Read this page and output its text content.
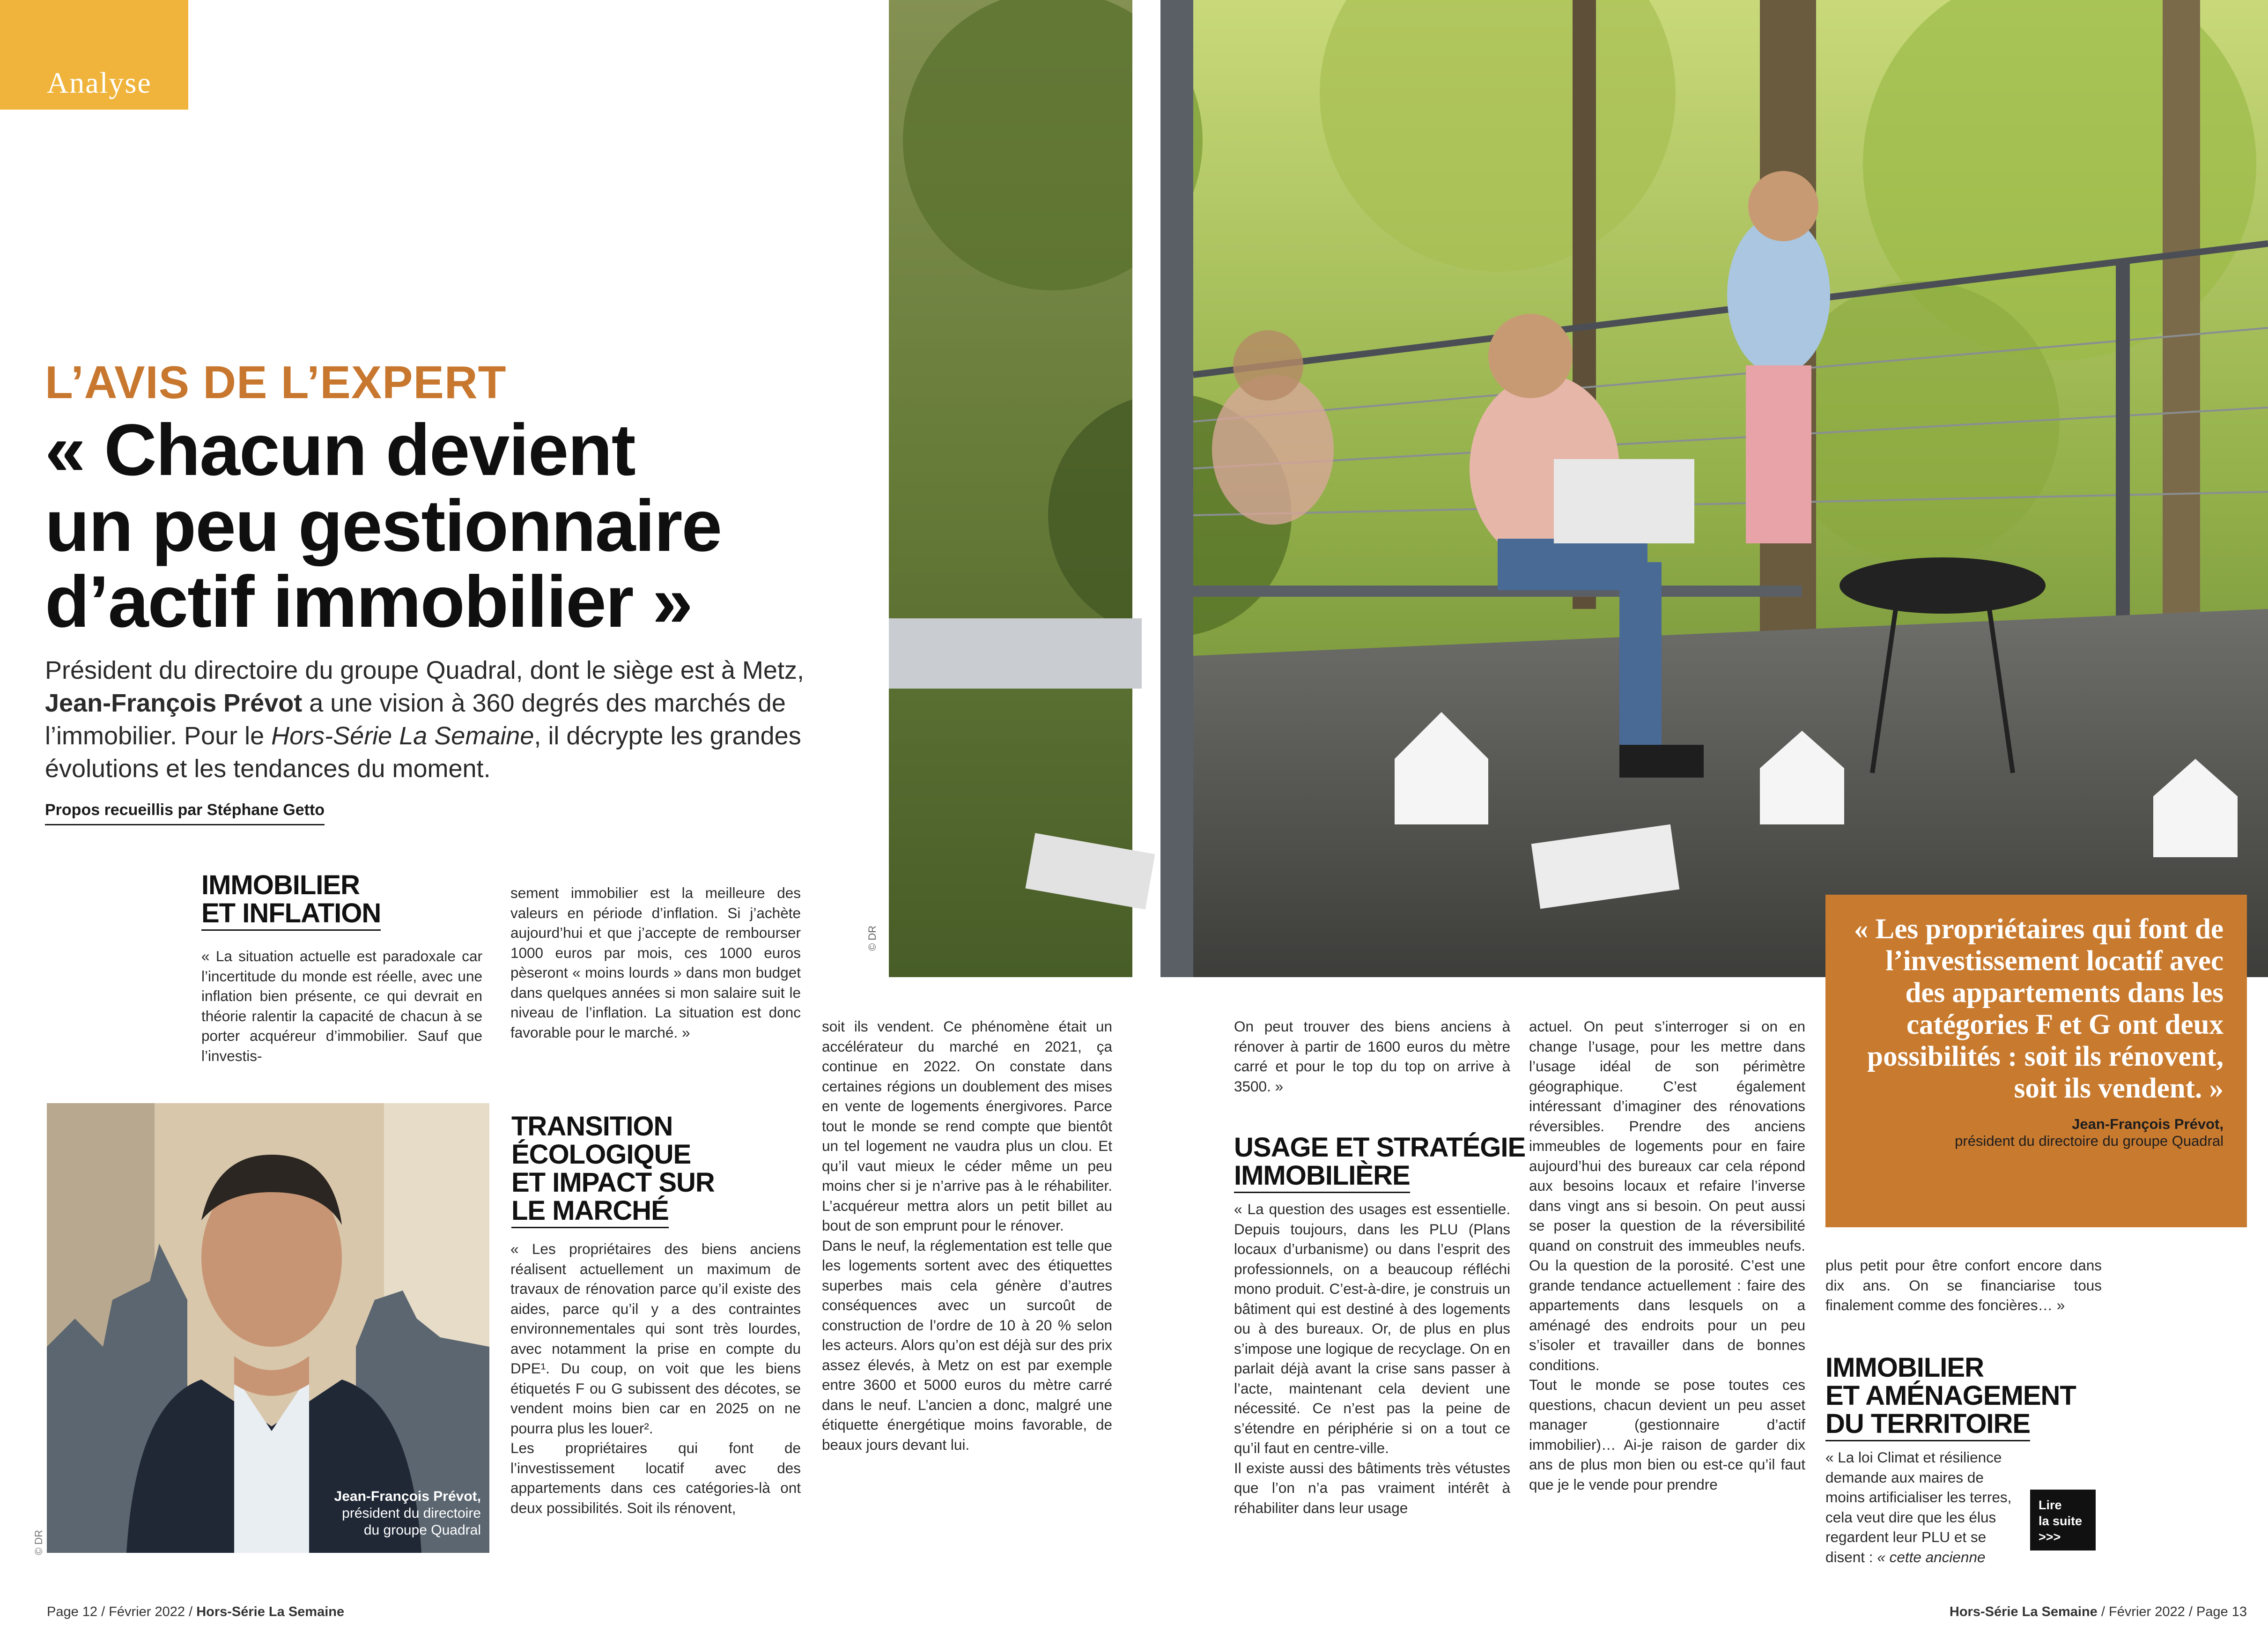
Analyse
L’AVIS DE L’EXPERT
« Chacun devient
un peu gestionnaire
d’actif immobilier »
Président du directoire du groupe Quadral, dont le siège est à Metz, Jean-François Prévot a une vision à 360 degrés des marchés de l’immobilier. Pour le Hors-Série La Semaine, il décrypte les grandes évolutions et les tendances du moment.
Propos recueillis par Stéphane Getto
© DR	« Les propriétaires qui font de l’investissement locatif avec des appartements dans les catégories F et G ont deux possibilités : soit ils rénovent, soit ils vendent. »
Jean-François Prévot,
président du directoire du groupe Quadral
IMMOBILIER
ET INFLATION

« La situation actuelle est paradoxale car l’incertitude du monde est réelle, avec une inflation bien présente, ce qui devrait en théorie ralentir la capacité de chacun à se porter acquéreur d’immobilier. Sauf que l’investis-

Jean-François Prévot,
président du directoire
du groupe Quadral
© DR

sement immobilier est la meilleure des valeurs en période d’inflation. Si j’achète aujourd’hui et que j’accepte de rembourser 1000 euros par mois, ces 1000 euros pèseront « moins lourds » dans mon budget dans quelques années si mon salaire suit le niveau de l’inflation. La situation est donc favorable pour le marché. »

TRANSITION
ÉCOLOGIQUE
ET IMPACT SUR
LE MARCHÉ

« Les propriétaires des biens anciens réalisent actuellement un maximum de travaux de rénovation parce qu’il existe des aides, parce qu’il y a des contraintes environnementales qui sont très lourdes, avec notamment la prise en compte du DPE¹. Du coup, on voit que les biens étiquetés F ou G subissent des décotes, se vendent moins bien car en 2025 on ne pourra plus les louer².

Les propriétaires qui font de l’investissement locatif avec des appartements dans ces catégories-là ont deux possibilités. Soit ils rénovent,

soit ils vendent. Ce phénomène était un accélérateur du marché en 2021, ça continue en 2022. On constate dans certaines régions un doublement des mises en vente de logements énergivores. Parce tout le monde se rend compte que bientôt un tel logement ne vaudra plus un clou. Et qu’il vaut mieux le céder même un peu moins cher si je n’arrive pas à le réhabiliter. L’acquéreur mettra alors un petit billet au bout de son emprunt pour le rénover.

Dans le neuf, la réglementation est telle que les logements sortent avec des étiquettes superbes mais cela génère d’autres conséquences avec un surcoût de construction de l’ordre de 10 à 20 % selon les acteurs. Alors qu’on est déjà sur des prix assez élevés, à Metz on est par exemple entre 3600 et 5000 euros du mètre carré dans le neuf. L’ancien a donc, malgré une étiquette énergétique moins favorable, de beaux jours devant lui.

On peut trouver des biens anciens à rénover à partir de 1600 euros du mètre carré et pour le top du top on arrive à 3500. »

USAGE ET STRATÉGIE
IMMOBILIÈRE

« La question des usages est essentielle. Depuis toujours, dans les PLU (Plans locaux d’urbanisme) ou dans l’esprit des professionnels, on a beaucoup réfléchi mono produit. C’est-à-dire, je construis un bâtiment qui est destiné à des logements ou à des bureaux. Or, de plus en plus s’impose une logique de recyclage. On en parlait déjà avant la crise sans passer à l’acte, maintenant cela devient une nécessité. Ce n’est pas la peine de s’étendre en périphérie si on a tout ce qu’il faut en centre-ville.

Il existe aussi des bâtiments très vétustes que l’on n’a pas vraiment intérêt à réhabiliter dans leur usage

actuel. On peut s’interroger si on en change l’usage, pour les mettre dans l’usage idéal de son périmètre géographique. C’est également intéressant d’imaginer des rénovations réversibles. Prendre des anciens immeubles de logements pour en faire aujourd’hui des bureaux car cela répond aux besoins locaux et refaire l’inverse dans vingt ans si besoin. On peut aussi se poser la question de la réversibilité quand on construit des immeubles neufs. Ou la question de la porosité. C’est une grande tendance actuellement : faire des appartements dans lesquels on a aménagé des endroits pour un peu s’isoler et travailler dans de bonnes conditions.

Tout le monde se pose toutes ces questions, chacun devient un peu asset manager (gestionnaire d’actif immobilier)… Ai-je raison de garder dix ans de plus mon bien ou est-ce qu’il faut que je le vende pour prendre

plus petit pour être confort encore dans dix ans. On se financiarise tous finalement comme des foncières… »

IMMOBILIER
ET AMÉNAGEMENT
DU TERRITOIRE

« La loi Climat et résilience demande aux maires de moins artificialiser les terres, cela veut dire que les élus regardent leur PLU et se disent : « cette ancienne

Lire
la suite
>>>
Page 12 / Février 2022 / Hors-Série La Semaine	Hors-Série La Semaine / Février 2022 / Page 13
